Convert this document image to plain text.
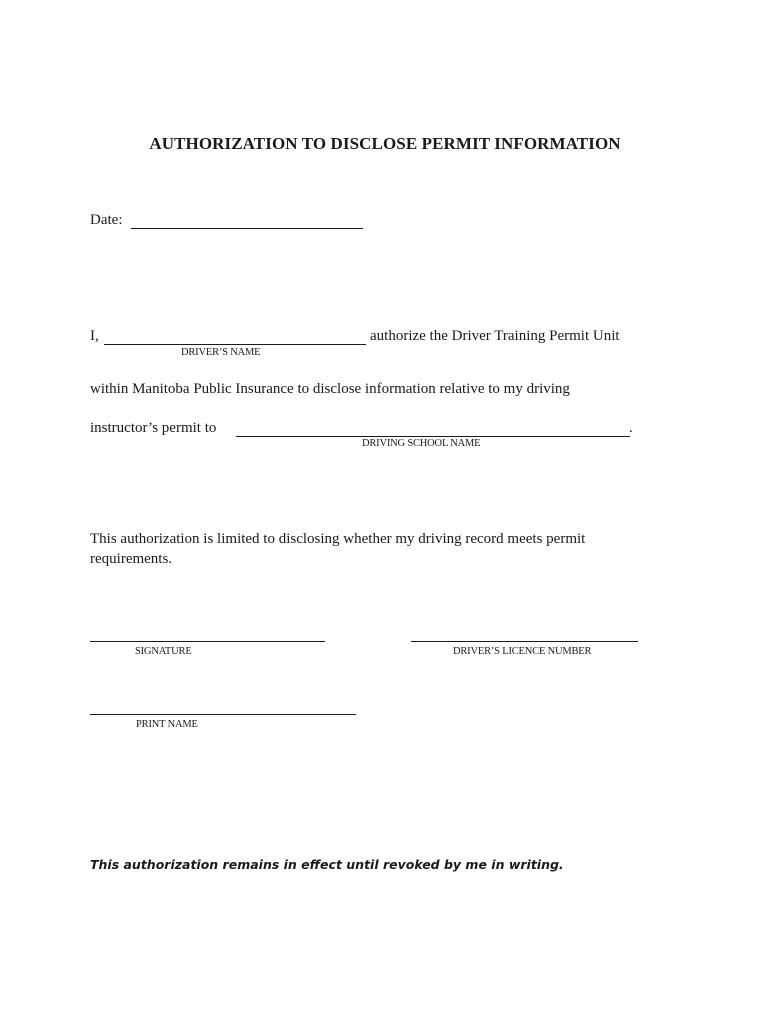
AUTHORIZATION TO DISCLOSE PERMIT INFORMATION
Date:
I,	authorize the Driver Training Permit Unit
DRIVER’S NAME
within Manitoba Public Insurance to disclose information relative to my driving
instructor’s permit to	.
DRIVING SCHOOL NAME
This authorization is limited to disclosing whether my driving record meets permit
requirements.
SIGNATURE	DRIVER’S LICENCE NUMBER
PRINT NAME
This authorization remains in effect until revoked by me in writing.
